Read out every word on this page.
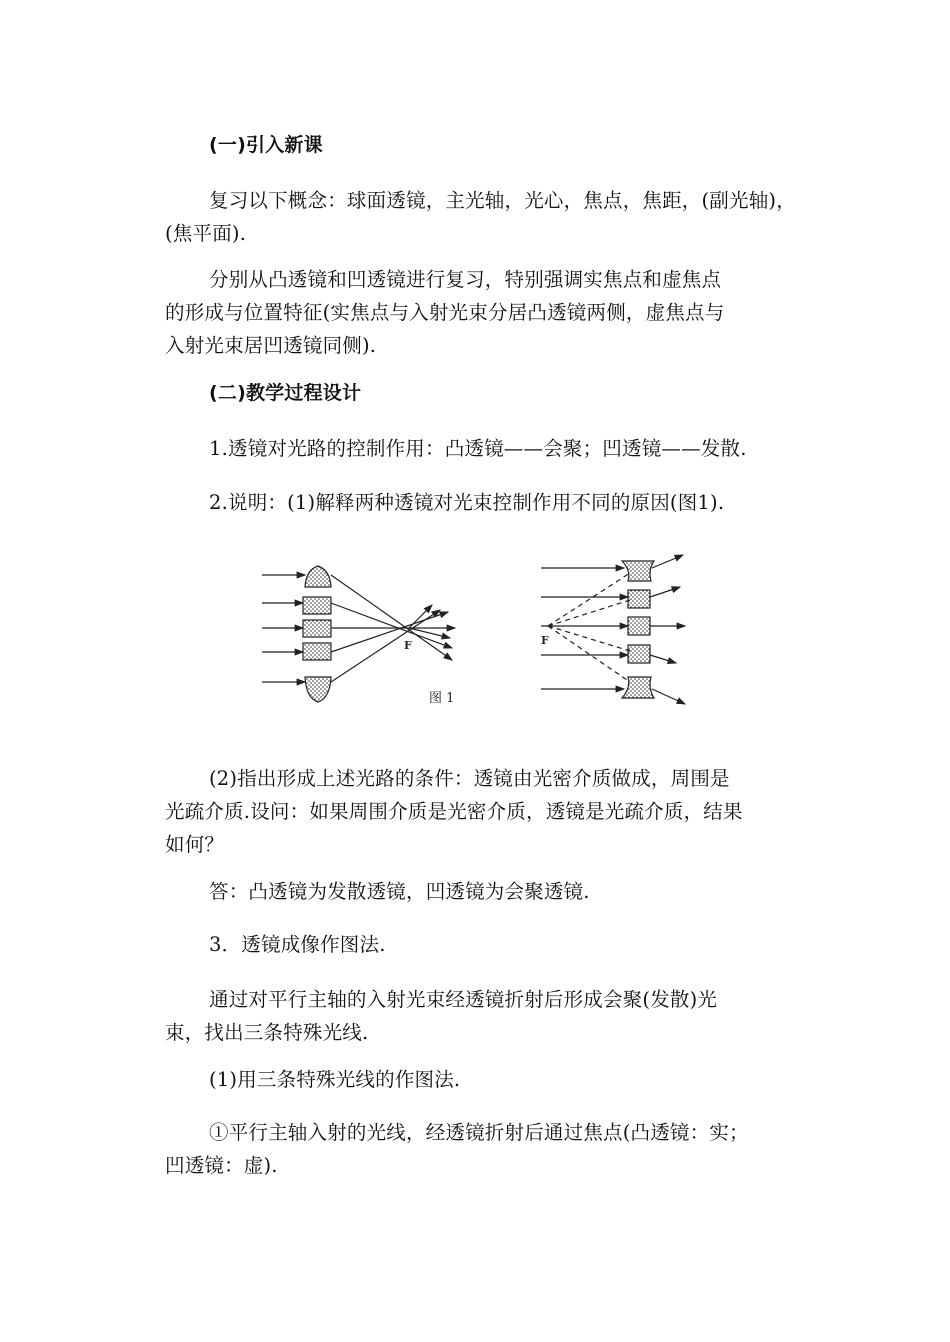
(一)引入新课
复习以下概念：球面透镜，主光轴，光心，焦点，焦距，(副光轴)，
(焦平面).
分别从凸透镜和凹透镜进行复习，特别强调实焦点和虚焦点
的形成与位置特征(实焦点与入射光束分居凸透镜两侧，虚焦点与
入射光束居凹透镜同侧).
(二)教学过程设计
1.透镜对光路的控制作用：凸透镜——会聚；凹透镜——发散.
2.说明：(1)解释两种透镜对光束控制作用不同的原因(图1).
F
图 1
F
(2)指出形成上述光路的条件：透镜由光密介质做成，周围是
光疏介质.设问：如果周围介质是光密介质，透镜是光疏介质，结果
如何？
答：凸透镜为发散透镜，凹透镜为会聚透镜.
3．透镜成像作图法.
通过对平行主轴的入射光束经透镜折射后形成会聚(发散)光
束，找出三条特殊光线.
(1)用三条特殊光线的作图法.
①平行主轴入射的光线，经透镜折射后通过焦点(凸透镜：实；
凹透镜：虚).
